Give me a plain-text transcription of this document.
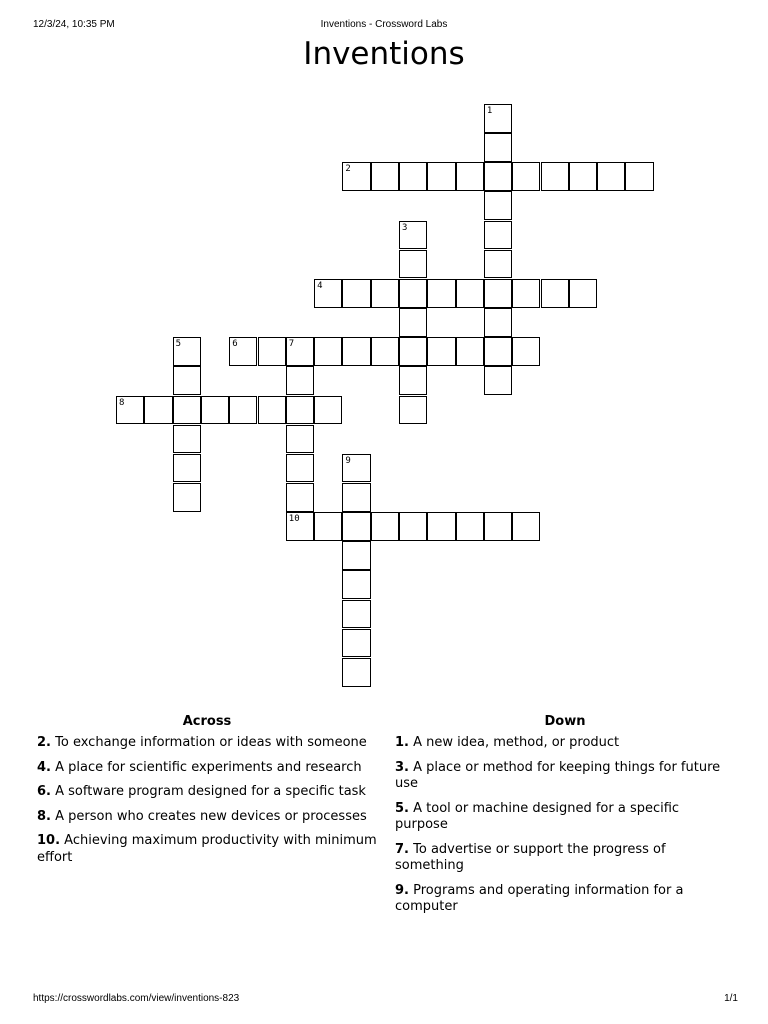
12/3/24, 10:35 PM	Inventions - Crossword Labs
Inventions
1
2
3
4
5	6	7
10
8
9
Across
2. To exchange information or ideas with someone
4. A place for scientific experiments and research
6. A software program designed for a specific task
8. A person who creates new devices or processes
10. Achieving maximum productivity with minimum effort
Down
1. A new idea, method, or product
3. A place or method for keeping things for future use
5. A tool or machine designed for a specific purpose
7. To advertise or support the progress of something
9. Programs and operating information for a computer
https://crosswordlabs.com/view/inventions-823	1/1
